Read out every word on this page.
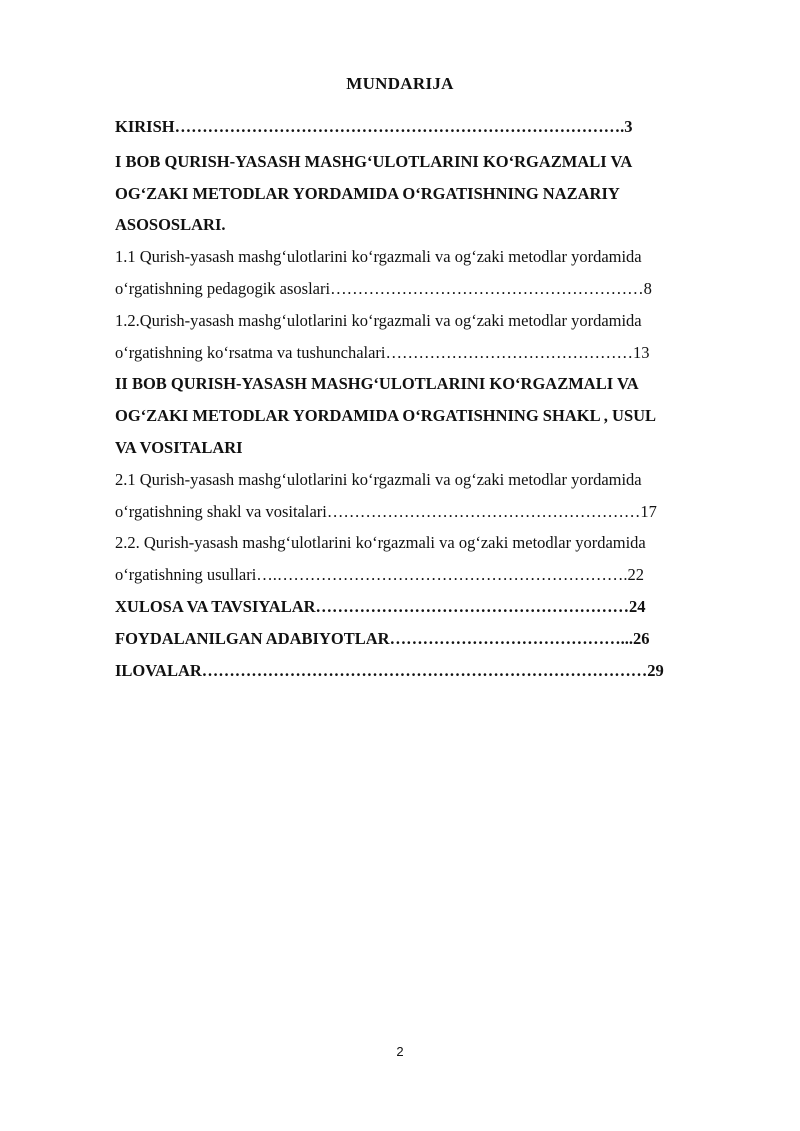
MUNDARIJA
KIRISH……………………………………………………………………….3
I BOB QURISH-YASASH MASHG‘ULOTLARINI KO‘RGAZMALI VA
OG‘ZAKI METODLAR YORDAMIDA O‘RGATISHNING NAZARIY
ASOSOSLARI.
1.1 Qurish-yasash mashg‘ulotlarini ko‘rgazmali va og‘zaki metodlar yordamida
o‘rgatishning pedagogik asoslari…………………………………………………8
1.2.Qurish-yasash mashg‘ulotlarini ko‘rgazmali va og‘zaki metodlar yordamida
o‘rgatishning ko‘rsatma va tushunchalari………………………………………13
II BOB QURISH-YASASH MASHG‘ULOTLARINI KO‘RGAZMALI VA
OG‘ZAKI METODLAR YORDAMIDA O‘RGATISHNING SHAKL , USUL
VA VOSITALARI
2.1 Qurish-yasash mashg‘ulotlarini ko‘rgazmali va og‘zaki metodlar yordamida
o‘rgatishning shakl va vositalari…………………………………………………17
2.2. Qurish-yasash mashg‘ulotlarini ko‘rgazmali va og‘zaki metodlar yordamida
o‘rgatishning usullari….……………………………………………………….22
XULOSA VA TAVSIYALAR…………………………………………………24
FOYDALANILGAN ADABIYOTLAR……………………………………...26
ILOVALAR………………………………………………………………………29
2
